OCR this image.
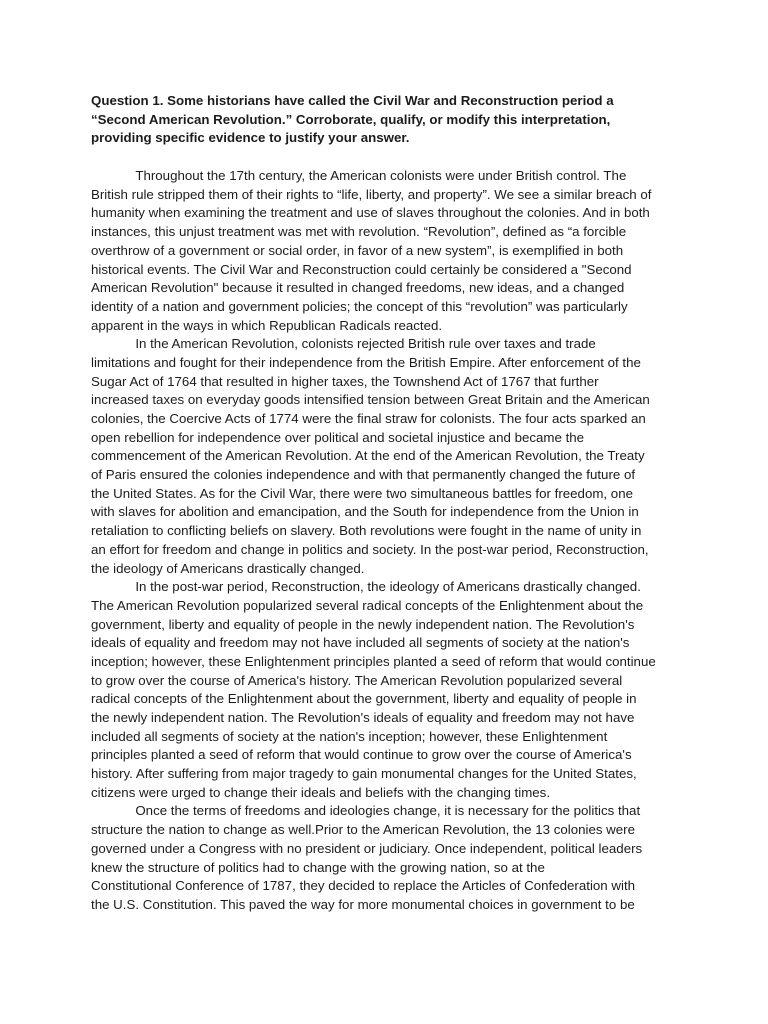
Question 1. Some historians have called the Civil War and Reconstruction period a
“Second American Revolution.” Corroborate, qualify, or modify this interpretation,
providing specific evidence to justify your answer.
Throughout the 17th century, the American colonists were under British control. The
British rule stripped them of their rights to “life, liberty, and property”. We see a similar breach of
humanity when examining the treatment and use of slaves throughout the colonies. And in both
instances, this unjust treatment was met with revolution. “Revolution”, defined as “a forcible
overthrow of a government or social order, in favor of a new system”, is exemplified in both
historical events. The Civil War and Reconstruction could certainly be considered a "Second
American Revolution" because it resulted in changed freedoms, new ideas, and a changed
identity of a nation and government policies; the concept of this “revolution” was particularly
apparent in the ways in which Republican Radicals reacted.
In the American Revolution, colonists rejected British rule over taxes and trade
limitations and fought for their independence from the British Empire. After enforcement of the
Sugar Act of 1764 that resulted in higher taxes, the Townshend Act of 1767 that further
increased taxes on everyday goods intensified tension between Great Britain and the American
colonies, the Coercive Acts of 1774 were the final straw for colonists. The four acts sparked an
open rebellion for independence over political and societal injustice and became the
commencement of the American Revolution. At the end of the American Revolution, the Treaty
of Paris ensured the colonies independence and with that permanently changed the future of
the United States. As for the Civil War, there were two simultaneous battles for freedom, one
with slaves for abolition and emancipation, and the South for independence from the Union in
retaliation to conflicting beliefs on slavery. Both revolutions were fought in the name of unity in
an effort for freedom and change in politics and society. In the post-war period, Reconstruction,
the ideology of Americans drastically changed.
In the post-war period, Reconstruction, the ideology of Americans drastically changed.
The American Revolution popularized several radical concepts of the Enlightenment about the
government, liberty and equality of people in the newly independent nation. The Revolution's
ideals of equality and freedom may not have included all segments of society at the nation's
inception; however, these Enlightenment principles planted a seed of reform that would continue
to grow over the course of America's history. The American Revolution popularized several
radical concepts of the Enlightenment about the government, liberty and equality of people in
the newly independent nation. The Revolution's ideals of equality and freedom may not have
included all segments of society at the nation's inception; however, these Enlightenment
principles planted a seed of reform that would continue to grow over the course of America's
history. After suffering from major tragedy to gain monumental changes for the United States,
citizens were urged to change their ideals and beliefs with the changing times.
Once the terms of freedoms and ideologies change, it is necessary for the politics that
structure the nation to change as well.Prior to the American Revolution, the 13 colonies were
governed under a Congress with no president or judiciary. Once independent, political leaders
knew the structure of politics had to change with the growing nation, so at the
Constitutional Conference of 1787, they decided to replace the Articles of Confederation with
the U.S. Constitution. This paved the way for more monumental choices in government to be
